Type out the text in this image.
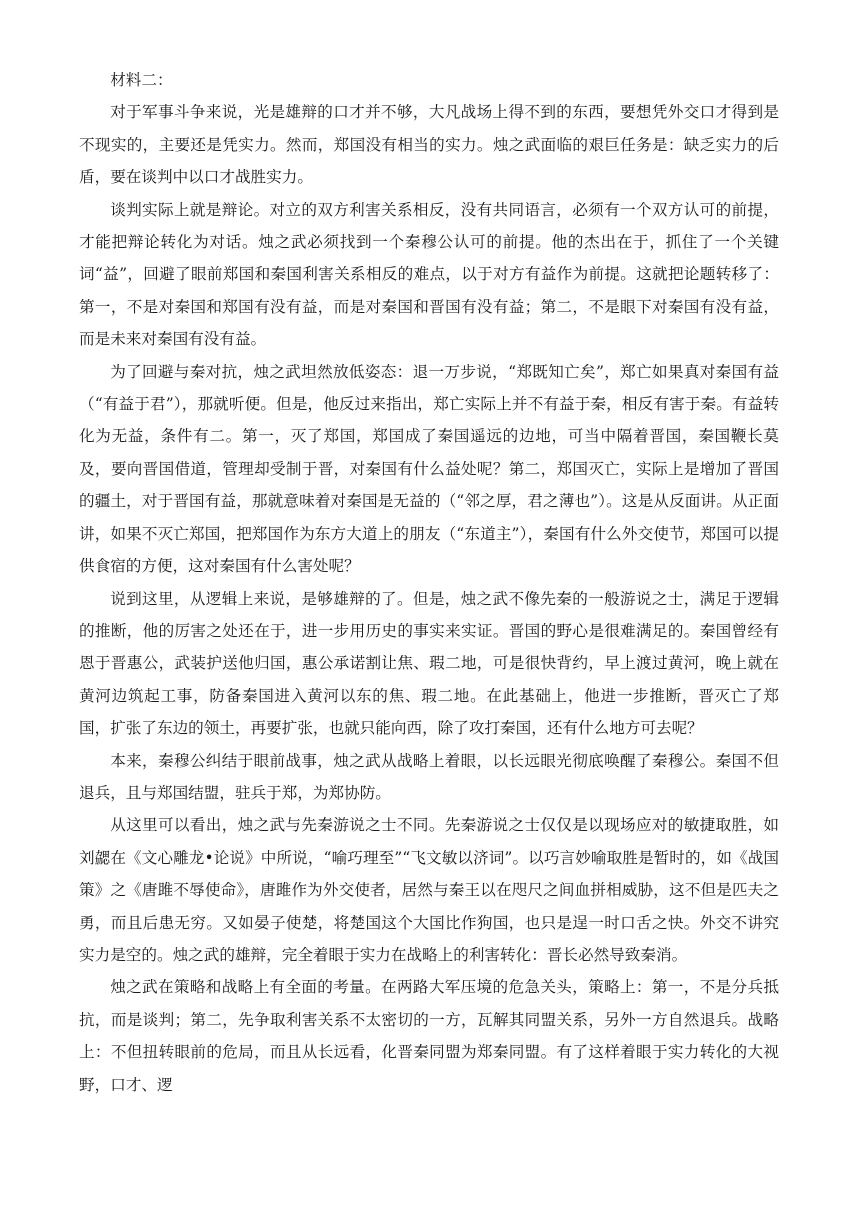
材料二：

对于军事斗争来说，光是雄辩的口才并不够，大凡战场上得不到的东西，要想凭外交口才得到是不现实的，主要还是凭实力。然而，郑国没有相当的实力。烛之武面临的艰巨任务是：缺乏实力的后盾，要在谈判中以口才战胜实力。

谈判实际上就是辩论。对立的双方利害关系相反，没有共同语言，必须有一个双方认可的前提，才能把辩论转化为对话。烛之武必须找到一个秦穆公认可的前提。他的杰出在于，抓住了一个关键词“益”，回避了眼前郑国和秦国利害关系相反的难点，以于对方有益作为前提。这就把论题转移了：第一，不是对秦国和郑国有没有益，而是对秦国和晋国有没有益；第二，不是眼下对秦国有没有益，而是未来对秦国有没有益。

为了回避与秦对抗，烛之武坦然放低姿态：退一万步说，“郑既知亡矣”，郑亡如果真对秦国有益（“有益于君”），那就听便。但是，他反过来指出，郑亡实际上并不有益于秦，相反有害于秦。有益转化为无益，条件有二。第一，灭了郑国，郑国成了秦国遥远的边地，可当中隔着晋国，秦国鞭长莫及，要向晋国借道，管理却受制于晋，对秦国有什么益处呢？第二，郑国灭亡，实际上是增加了晋国的疆土，对于晋国有益，那就意味着对秦国是无益的（“邻之厚，君之薄也”）。这是从反面讲。从正面讲，如果不灭亡郑国，把郑国作为东方大道上的朋友（“东道主”），秦国有什么外交使节，郑国可以提供食宿的方便，这对秦国有什么害处呢？

说到这里，从逻辑上来说，是够雄辩的了。但是，烛之武不像先秦的一般游说之士，满足于逻辑的推断，他的厉害之处还在于，进一步用历史的事实来实证。晋国的野心是很难满足的。秦国曾经有恩于晋惠公，武装护送他归国，惠公承诺割让焦、瑕二地，可是很快背约，早上渡过黄河，晚上就在黄河边筑起工事，防备秦国进入黄河以东的焦、瑕二地。在此基础上，他进一步推断，晋灭亡了郑国，扩张了东边的领土，再要扩张，也就只能向西，除了攻打秦国，还有什么地方可去呢？

本来，秦穆公纠结于眼前战事，烛之武从战略上着眼，以长远眼光彻底唤醒了秦穆公。秦国不但退兵，且与郑国结盟，驻兵于郑，为郑协防。

从这里可以看出，烛之武与先秦游说之士不同。先秦游说之士仅仅是以现场应对的敏捷取胜，如刘勰在《文心雕龙•论说》中所说，“喻巧理至”“飞文敏以济词”。以巧言妙喻取胜是暂时的，如《战国策》之《唐雎不辱使命》，唐雎作为外交使者，居然与秦王以在咫尺之间血拼相威胁，这不但是匹夫之勇，而且后患无穷。又如晏子使楚，将楚国这个大国比作狗国，也只是逞一时口舌之快。外交不讲究实力是空的。烛之武的雄辩，完全着眼于实力在战略上的利害转化：晋长必然导致秦消。

烛之武在策略和战略上有全面的考量。在两路大军压境的危急关头，策略上：第一，不是分兵抵抗，而是谈判；第二，先争取利害关系不太密切的一方，瓦解其同盟关系，另外一方自然退兵。战略上：不但扭转眼前的危局，而且从长远看，化晋秦同盟为郑秦同盟。有了这样着眼于实力转化的大视野，口才、逻
